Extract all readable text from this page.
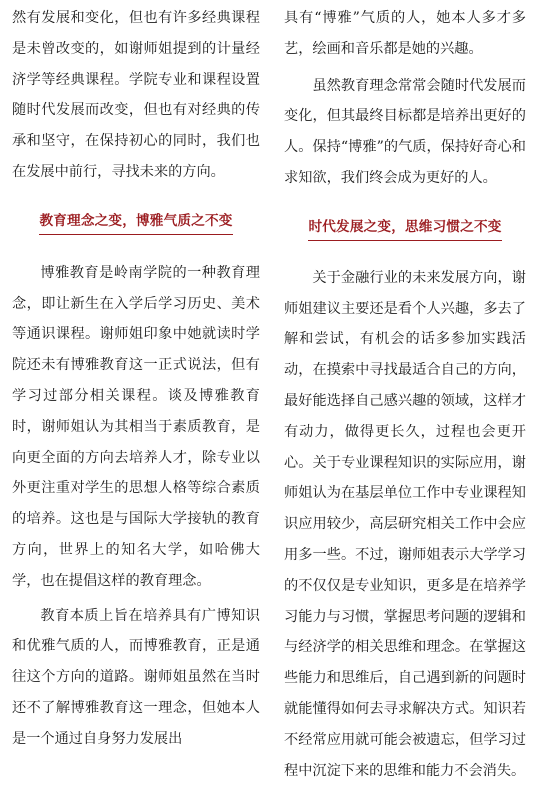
然有发展和变化，但也有许多经典课程是未曾改变的，如谢师姐提到的计量经济学等经典课程。学院专业和课程设置随时代发展而改变，但也有对经典的传承和坚守，在保持初心的同时，我们也在发展中前行，寻找未来的方向。

教育理念之变，博雅气质之不变

博雅教育是岭南学院的一种教育理念，即让新生在入学后学习历史、美术等通识课程。谢师姐印象中她就读时学院还未有博雅教育这一正式说法，但有学习过部分相关课程。谈及博雅教育时，谢师姐认为其相当于素质教育，是向更全面的方向去培养人才，除专业以外更注重对学生的思想人格等综合素质的培养。这也是与国际大学接轨的教育方向，世界上的知名大学，如哈佛大学，也在提倡这样的教育理念。

教育本质上旨在培养具有广博知识和优雅气质的人，而博雅教育，正是通往这个方向的道路。谢师姐虽然在当时还不了解博雅教育这一理念，但她本人是一个通过自身努力发展出

具有“博雅”气质的人，她本人多才多艺，绘画和音乐都是她的兴趣。

虽然教育理念常常会随时代发展而变化，但其最终目标都是培养出更好的人。保持“博雅”的气质，保持好奇心和求知欲，我们终会成为更好的人。

时代发展之变，思维习惯之不变

关于金融行业的未来发展方向，谢师姐建议主要还是看个人兴趣，多去了解和尝试，有机会的话多参加实践活动，在摸索中寻找最适合自己的方向，最好能选择自己感兴趣的领域，这样才有动力，做得更长久，过程也会更开心。关于专业课程知识的实际应用，谢师姐认为在基层单位工作中专业课程知识应用较少，高层研究相关工作中会应用多一些。不过，谢师姐表示大学学习的不仅仅是专业知识，更多是在培养学习能力与习惯，掌握思考问题的逻辑和与经济学的相关思维和理念。在掌握这些能力和思维后，自己遇到新的问题时就能懂得如何去寻求解决方式。知识若不经常应用就可能会被遗忘，但学习过程中沉淀下来的思维和能力不会消失。
